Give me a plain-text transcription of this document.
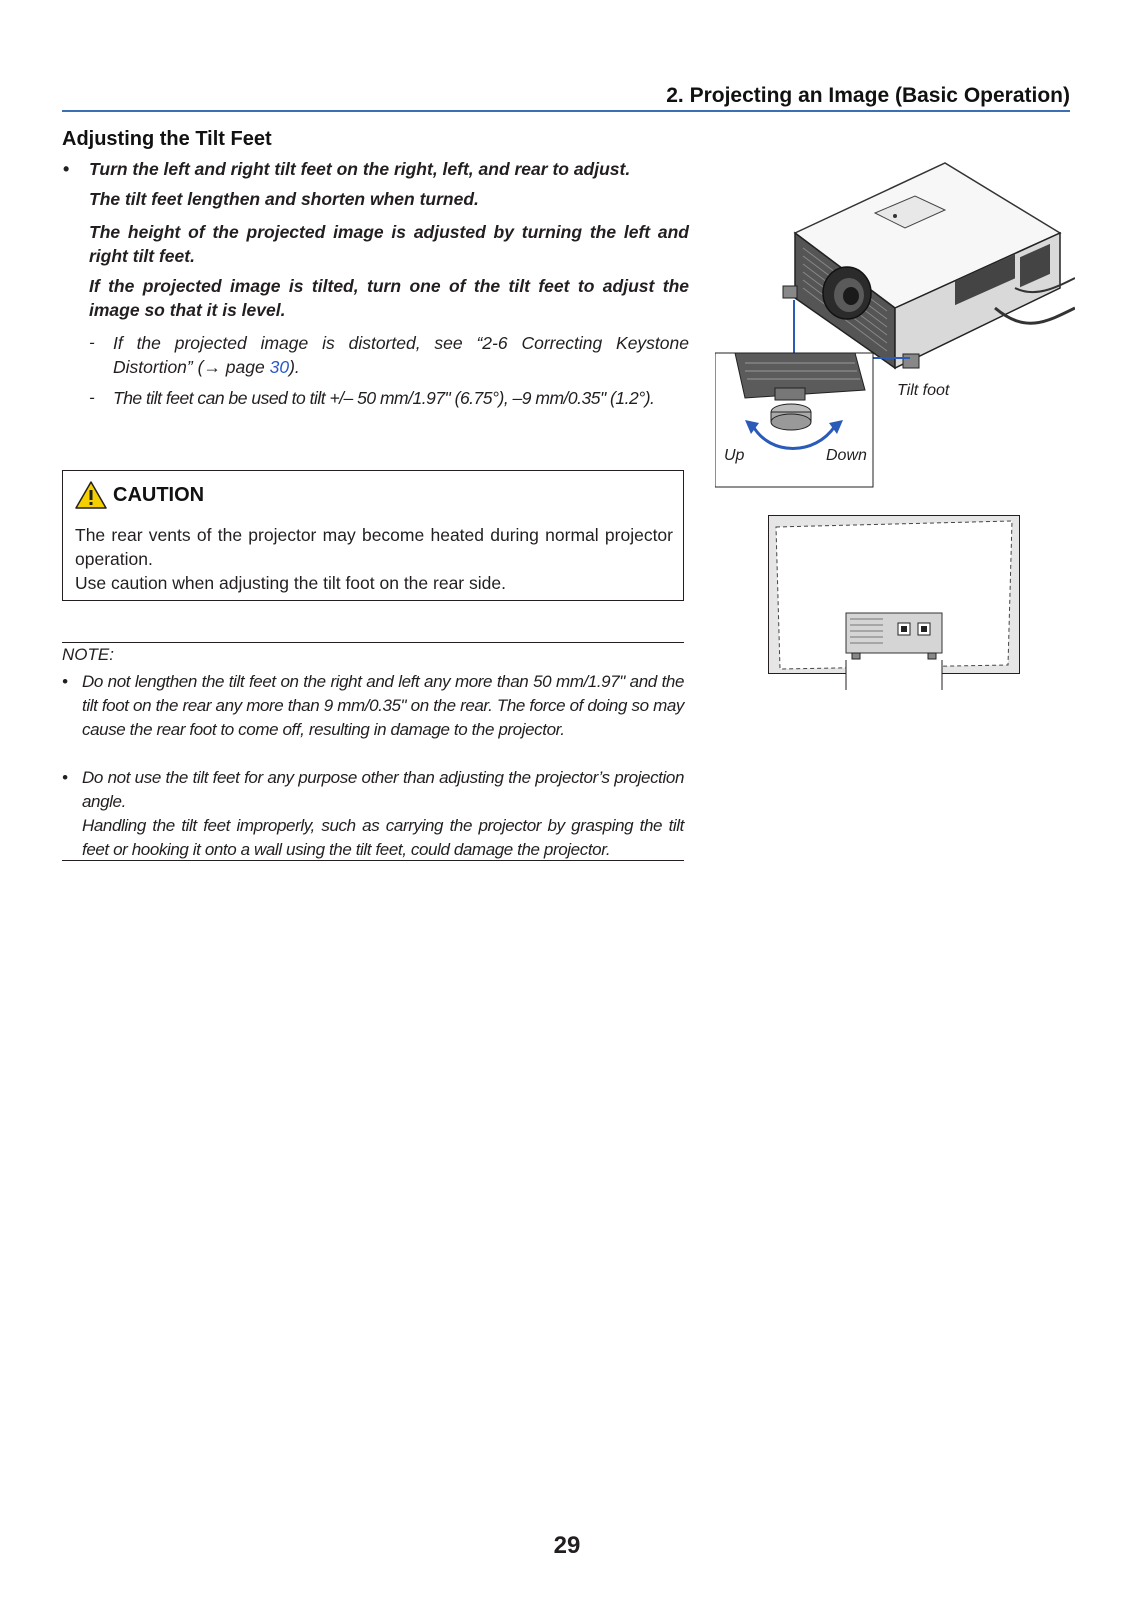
2. Projecting an Image (Basic Operation)
Adjusting the Tilt Feet
• Turn the left and right tilt feet on the right, left, and rear to adjust.
The tilt feet lengthen and shorten when turned.
The height of the projected image is adjusted by turning the left and right tilt feet.
If the projected image is tilted, turn one of the tilt feet to adjust the image so that it is level.
- If the projected image is distorted, see “2-6 Correcting Keystone Distortion” (→ page 30).
- The tilt feet can be used to tilt +/– 50 mm/1.97" (6.75°), –9 mm/0.35" (1.2°).
CAUTION
The rear vents of the projector may become heated during normal projector operation.
Use caution when adjusting the tilt foot on the rear side.
NOTE:
• Do not lengthen the tilt feet on the right and left any more than 50 mm/1.97" and the tilt foot on the rear any more than 9 mm/0.35" on the rear. The force of doing so may cause the rear foot to come off, resulting in damage to the projector.
• Do not use the tilt feet for any purpose other than adjusting the projector’s projection angle.
Handling the tilt feet improperly, such as carrying the projector by grasping the tilt feet or hooking it onto a wall using the tilt feet, could damage the projector.
Tilt foot
Up	Down
29
